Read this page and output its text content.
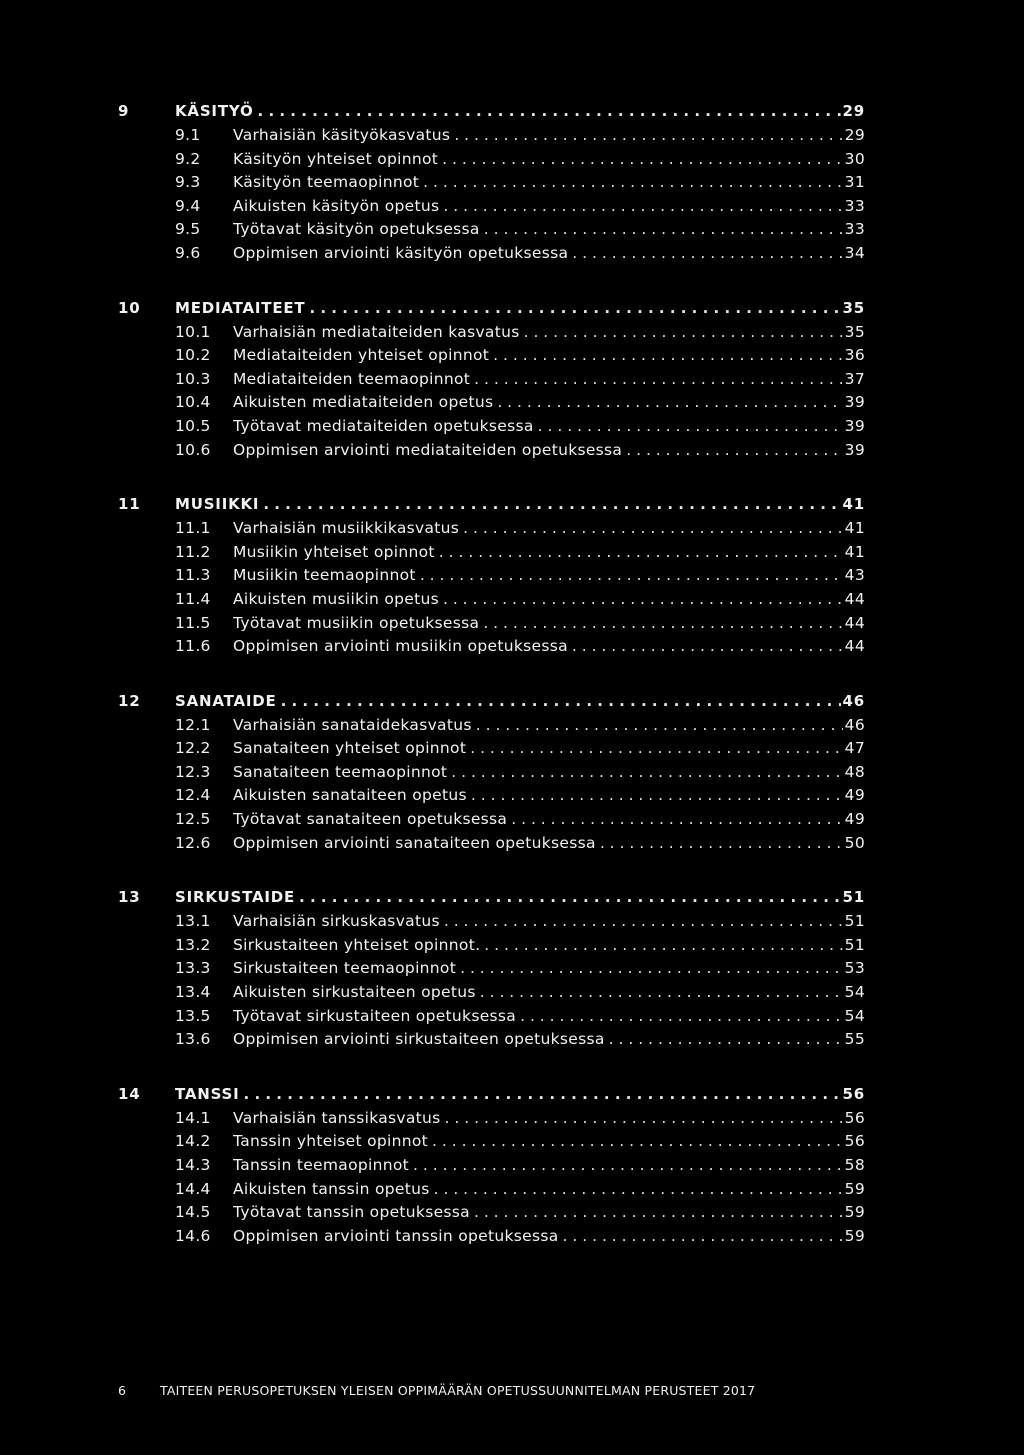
9	KÄSITYÖ . . .	29
9.1 Varhaisiän käsityökasvatus . . .	29
9.2 Käsityön yhteiset opinnot . . .	30
9.3 Käsityön teemaopinnot . . .	31
9.4 Aikuisten käsityön opetus . . .	33
9.5 Työtavat käsityön opetuksessa . . .	33
9.6 Oppimisen arviointi käsityön opetuksessa . . .	34
10 MEDIATAITEET . . .	35
10.1 Varhaisiän mediataiteiden kasvatus . . .	35
10.2 Mediataiteiden yhteiset opinnot . . .	36
10.3 Mediataiteiden teemaopinnot . . .	37
10.4 Aikuisten mediataiteiden opetus . . .	39
10.5 Työtavat mediataiteiden opetuksessa . . .	39
10.6 Oppimisen arviointi mediataiteiden opetuksessa . . .	39
11 MUSIIKKI . . .	41
11.1 Varhaisiän musiikkikasvatus . . .	41
11.2 Musiikin yhteiset opinnot . . .	41
11.3 Musiikin teemaopinnot . . .	43
11.4 Aikuisten musiikin opetus . . .	44
11.5 Työtavat musiikin opetuksessa . . .	44
11.6 Oppimisen arviointi musiikin opetuksessa . . .	44
12 SANATAIDE . . .	46
12.1 Varhaisiän sanataidekasvatus . . .	46
12.2 Sanataiteen yhteiset opinnot . . .	47
12.3 Sanataiteen teemaopinnot . . .	48
12.4 Aikuisten sanataiteen opetus . . .	49
12.5 Työtavat sanataiteen opetuksessa . . .	49
12.6 Oppimisen arviointi sanataiteen opetuksessa . . .	50
13 SIRKUSTAIDE . . .	51
13.1 Varhaisiän sirkuskasvatus . . .	51
13.2 Sirkustaiteen yhteiset opinnot. . . .	51
13.3 Sirkustaiteen teemaopinnot . . .	53
13.4 Aikuisten sirkustaiteen opetus . . .	54
13.5 Työtavat sirkustaiteen opetuksessa . . .	54
13.6 Oppimisen arviointi sirkustaiteen opetuksessa . . .	55
14 TANSSI . . .	56
14.1 Varhaisiän tanssikasvatus . . .	56
14.2 Tanssin yhteiset opinnot . . .	56
14.3 Tanssin teemaopinnot . . .	58
14.4 Aikuisten tanssin opetus . . .	59
14.5 Työtavat tanssin opetuksessa . . .	59
14.6 Oppimisen arviointi tanssin opetuksessa . . .	59
6	TAITEEN PERUSOPETUKSEN YLEISEN OPPIMÄÄRÄN OPETUSSUUNNITELMAN PERUSTEET 2017
